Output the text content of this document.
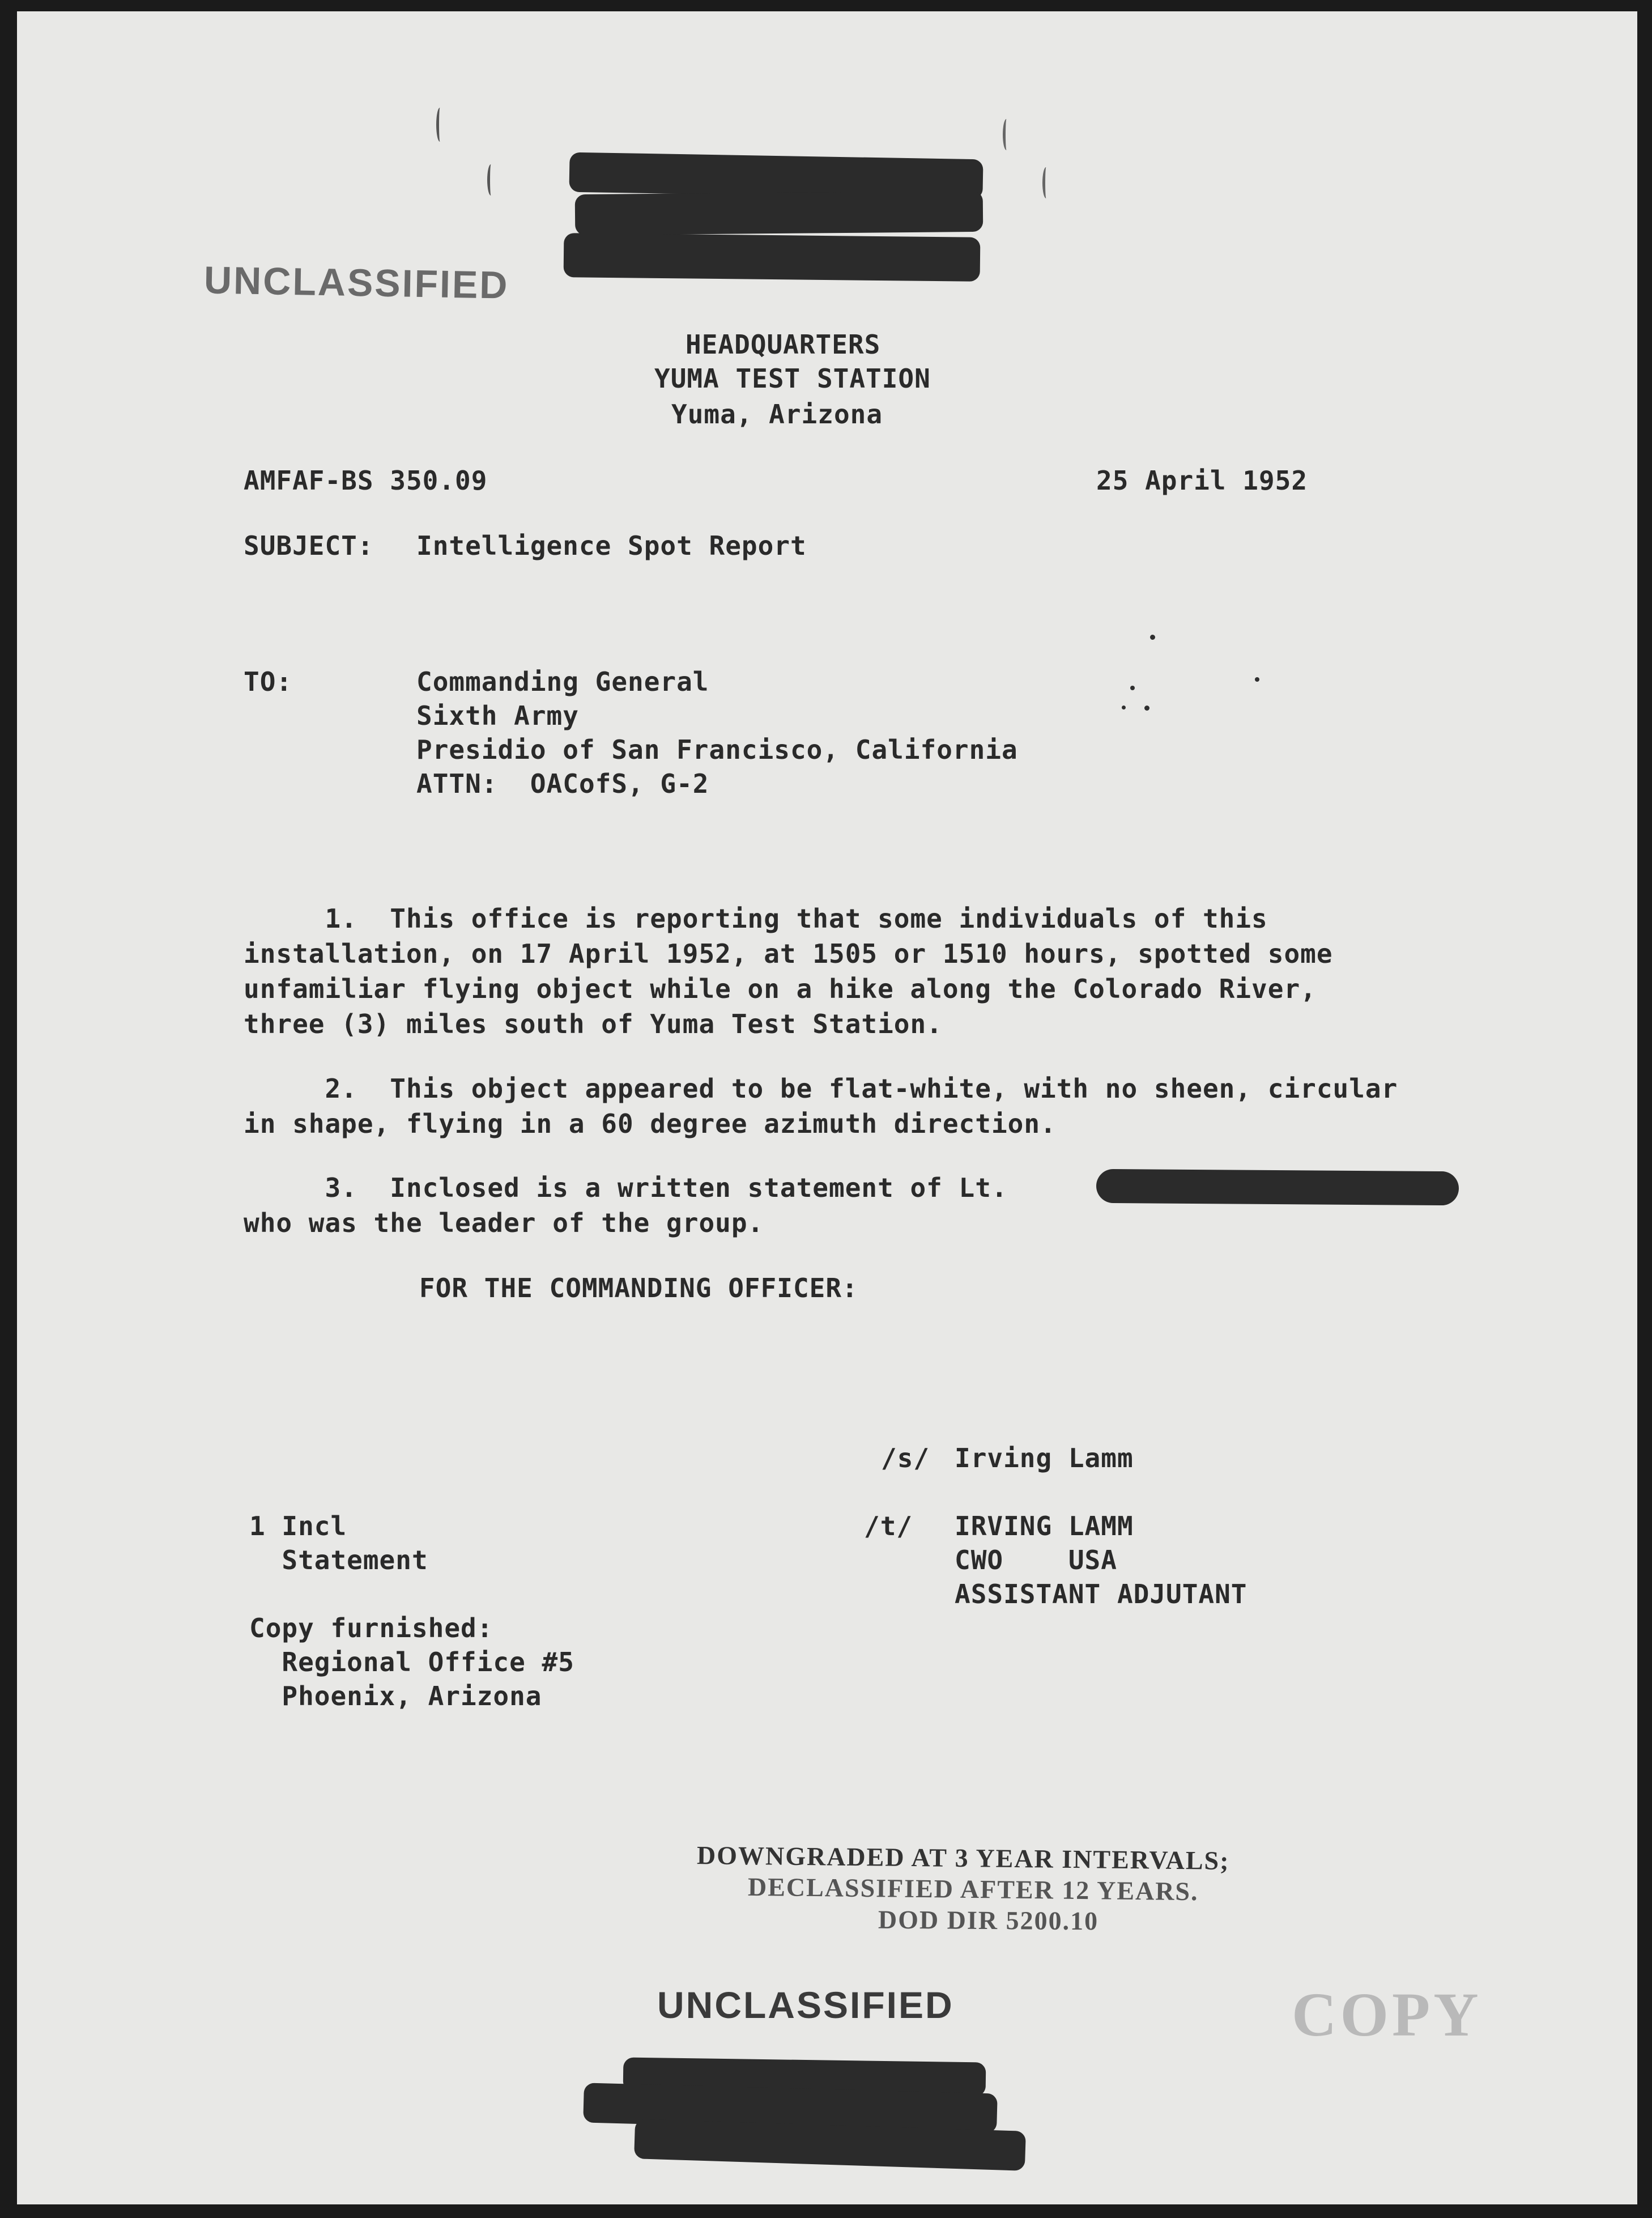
UNCLASSIFIED

HEADQUARTERS

YUMA TEST STATION

Yuma, Arizona

AMFAF-BS 350.09	25 April 1952

SUBJECT: Intelligence Spot Report

TO:	Commanding General

Sixth Army

Presidio of San Francisco, California

ATTN:  OACofS, G-2

1.  This office is reporting that some individuals of this
installation, on 17 April 1952, at 1505 or 1510 hours, spotted some
unfamiliar flying object while on a hike along the Colorado River,
three (3) miles south of Yuma Test Station.

2.  This object appeared to be flat-white, with no sheen, circular
in shape, flying in a 60 degree azimuth direction.

3.  Inclosed is a written statement of Lt.

who was the leader of the group.

FOR THE COMMANDING OFFICER:

/s/ Irving Lamm

/t/ IRVING LAMM

CWO    USA

ASSISTANT ADJUTANT

1 Incl

Statement

Copy furnished:

Regional Office #5

Phoenix, Arizona

DOWNGRADED AT 3 YEAR INTERVALS;

DECLASSIFIED AFTER 12 YEARS.

DOD DIR 5200.10

UNCLASSIFIED	COPY
